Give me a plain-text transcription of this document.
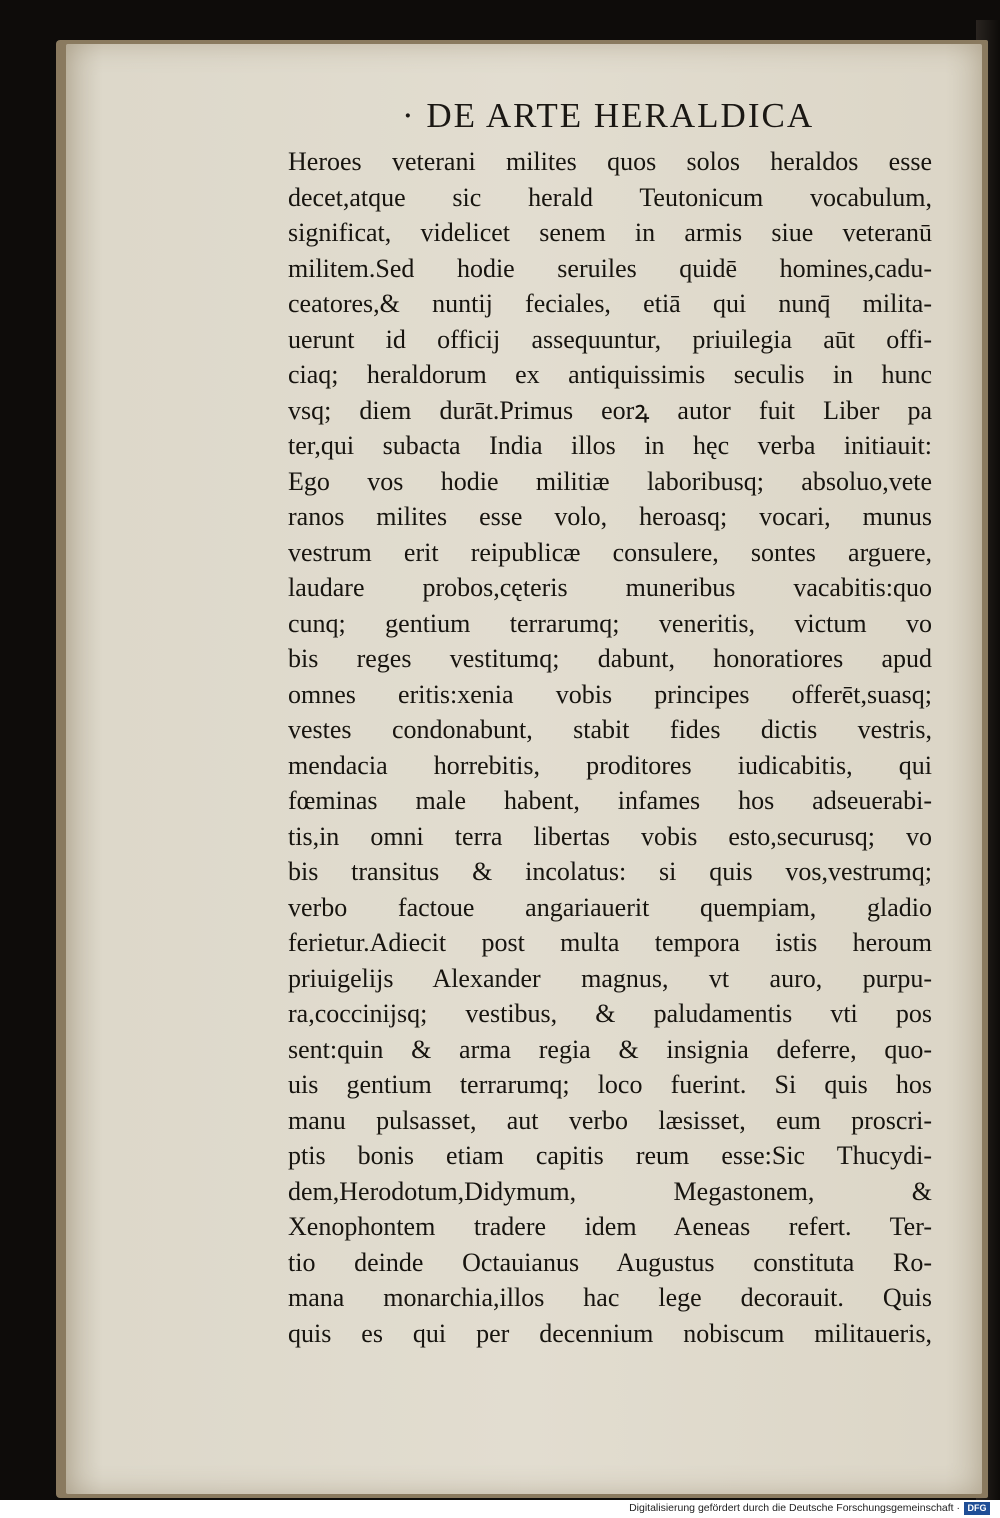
· DE ARTE HERALDICA
Heroes veterani milites quos solos heraldos esse
decet,atque sic herald Teutonicum vocabulum,
significat, videlicet senem in armis siue veteranū
militem.Sed hodie seruiles quidē homines,cadu-
ceatores,& nuntij feciales, etiā qui nunq̄ milita-
uerunt id officij assequuntur, priuilegia aūt offi-
ciaq; heraldorum ex antiquissimis seculis in hunc
vsq; diem durāt.Primus eorꝝ autor fuit Liber pa
ter,qui subacta India illos in hęc verba initiauit:
Ego vos hodie militiæ laboribusq; absoluo,vete
ranos milites esse volo, heroasq; vocari, munus
vestrum erit reipublicæ consulere, sontes arguere,
laudare probos,cęteris muneribus vacabitis:quo
cunq; gentium terrarumq; veneritis, victum vo
bis reges vestitumq; dabunt, honoratiores apud
omnes eritis:xenia vobis principes offerēt,suasq;
vestes condonabunt, stabit fides dictis vestris,
mendacia horrebitis, proditores iudicabitis, qui
fœminas male habent, infames hos adseuerabi-
tis,in omni terra libertas vobis esto,securusq; vo
bis transitus & incolatus: si quis vos,vestrumq;
verbo factoue angariauerit quempiam, gladio
ferietur.Adiecit post multa tempora istis heroum
priuigelijs Alexander magnus, vt auro, purpu-
ra,coccinijsq; vestibus, & paludamentis vti pos
sent:quin & arma regia & insignia deferre, quo-
uis gentium terrarumq; loco fuerint. Si quis hos
manu pulsasset, aut verbo læsisset, eum proscri-
ptis bonis etiam capitis reum esse:Sic Thucydi-
dem,Herodotum,Didymum, Megastonem, &
Xenophontem tradere idem Aeneas refert. Ter-
tio deinde Octauianus Augustus constituta Ro-
mana monarchia,illos hac lege decorauit. Quis
quis es qui per decennium nobiscum militaueris,
Digitalisierung gefördert durch die Deutsche Forschungsgemeinschaft · DFG
